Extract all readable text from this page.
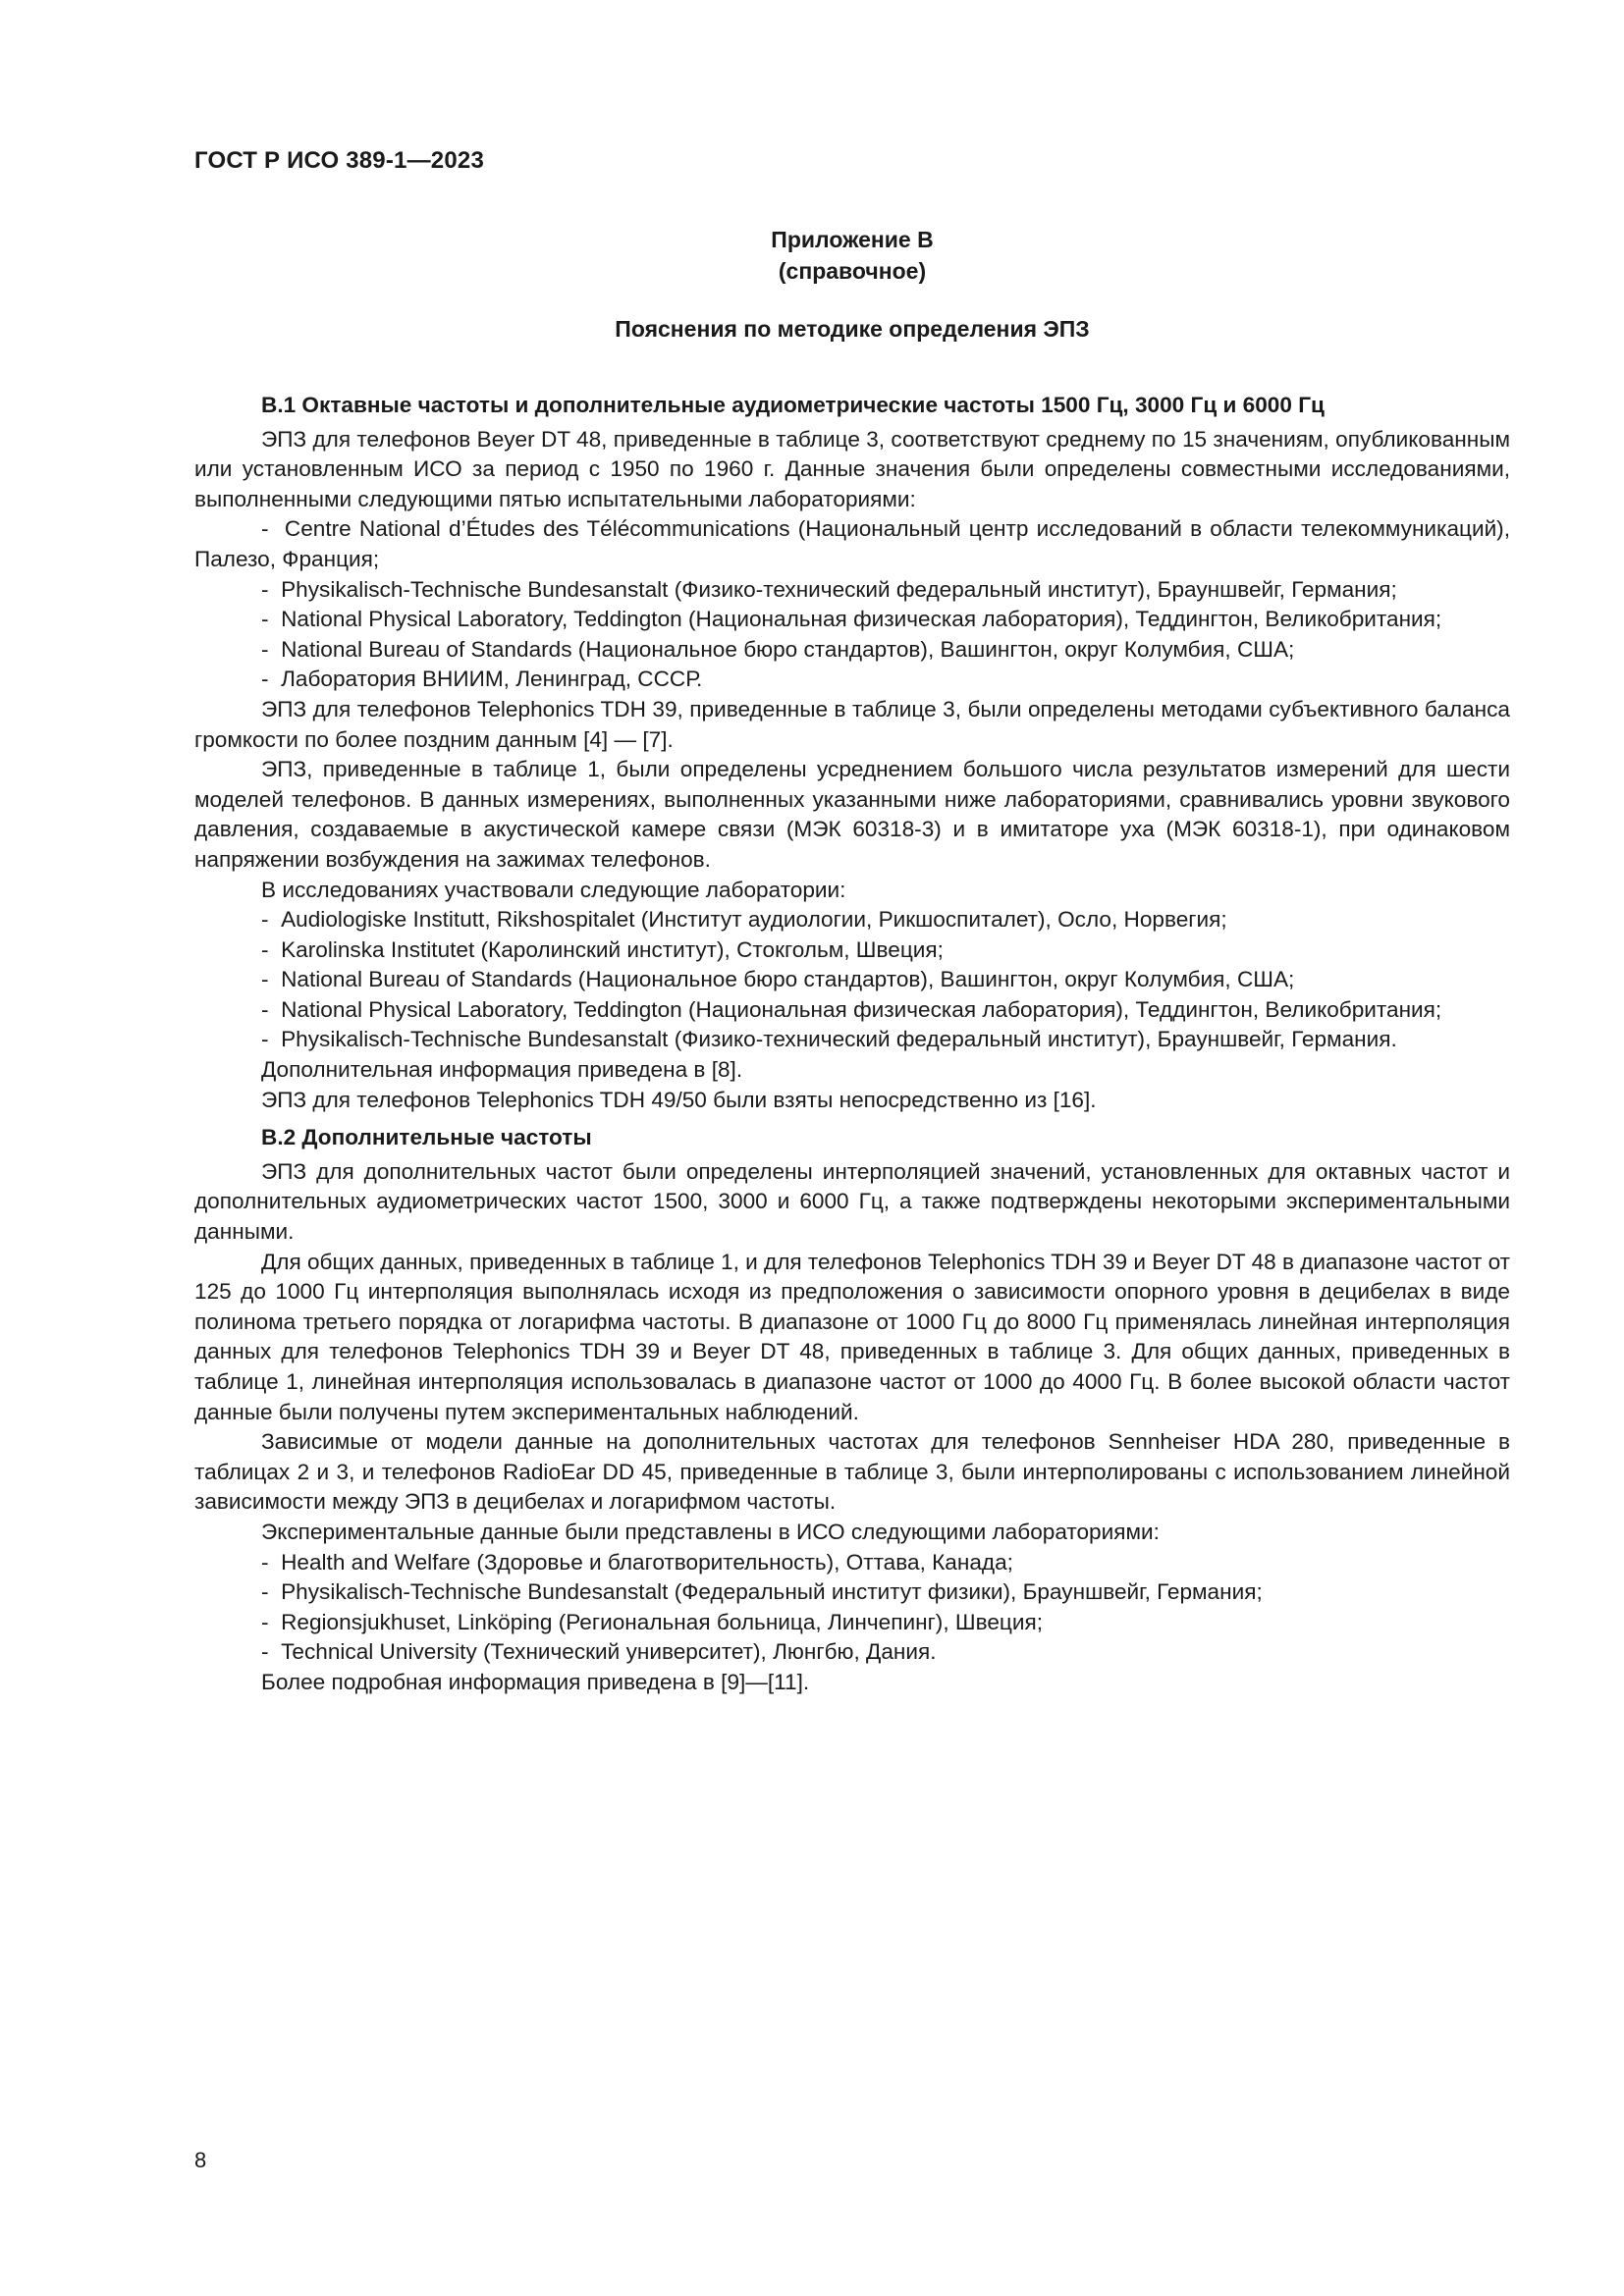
ГОСТ Р ИСО 389-1—2023
Приложение B
(справочное)
Пояснения по методике определения ЭПЗ
B.1 Октавные частоты и дополнительные аудиометрические частоты 1500 Гц, 3000 Гц и 6000 Гц
ЭПЗ для телефонов Beyer DT 48, приведенные в таблице 3, соответствуют среднему по 15 значениям, опубликованным или установленным ИСО за период с 1950 по 1960 г. Данные значения были определены совместными исследованиями, выполненными следующими пятью испытательными лабораториями:
-  Centre National d’Études des Télécommunications (Национальный центр исследований в области телекоммуникаций), Палезо, Франция;
-  Physikalisch-Technische Bundesanstalt (Физико-технический федеральный институт), Брауншвейг, Германия;
-  National Physical Laboratory, Teddington (Национальная физическая лаборатория), Теддингтон, Великобритания;
-  National Bureau of Standards (Национальное бюро стандартов), Вашингтон, округ Колумбия, США;
-  Лаборатория ВНИИМ, Ленинград, СССР.
ЭПЗ для телефонов Telephonics TDH 39, приведенные в таблице 3, были определены методами субъективного баланса громкости по более поздним данным [4] — [7].
ЭПЗ, приведенные в таблице 1, были определены усреднением большого числа результатов измерений для шести моделей телефонов. В данных измерениях, выполненных указанными ниже лабораториями, сравнивались уровни звукового давления, создаваемые в акустической камере связи (МЭК 60318-3) и в имитаторе уха (МЭК 60318-1), при одинаковом напряжении возбуждения на зажимах телефонов.
В исследованиях участвовали следующие лаборатории:
-  Audiologiske Institutt, Rikshospitalet (Институт аудиологии, Рикшоспиталет), Осло, Норвегия;
-  Karolinska Institutet (Каролинский институт), Стокгольм, Швеция;
-  National Bureau of Standards (Национальное бюро стандартов), Вашингтон, округ Колумбия, США;
-  National Physical Laboratory, Teddington (Национальная физическая лаборатория), Теддингтон, Великобритания;
-  Physikalisch-Technische Bundesanstalt (Физико-технический федеральный институт), Брауншвейг, Германия.
Дополнительная информация приведена в [8].
ЭПЗ для телефонов Telephonics TDH 49/50 были взяты непосредственно из [16].
B.2 Дополнительные частоты
ЭПЗ для дополнительных частот были определены интерполяцией значений, установленных для октавных частот и дополнительных аудиометрических частот 1500, 3000 и 6000 Гц, а также подтверждены некоторыми экспериментальными данными.
Для общих данных, приведенных в таблице 1, и для телефонов Telephonics TDH 39 и Beyer DT 48 в диапазоне частот от 125 до 1000 Гц интерполяция выполнялась исходя из предположения о зависимости опорного уровня в децибелах в виде полинома третьего порядка от логарифма частоты. В диапазоне от 1000 Гц до 8000 Гц применялась линейная интерполяция данных для телефонов Telephonics TDH 39 и Beyer DT 48, приведенных в таблице 3. Для общих данных, приведенных в таблице 1, линейная интерполяция использовалась в диапазоне частот от 1000 до 4000 Гц. В более высокой области частот данные были получены путем экспериментальных наблюдений.
Зависимые от модели данные на дополнительных частотах для телефонов Sennheiser HDA 280, приведенные в таблицах 2 и 3, и телефонов RadioEar DD 45, приведенные в таблице 3, были интерполированы с использованием линейной зависимости между ЭПЗ в децибелах и логарифмом частоты.
Экспериментальные данные были представлены в ИСО следующими лабораториями:
-  Health and Welfare (Здоровье и благотворительность), Оттава, Канада;
-  Physikalisch-Technische Bundesanstalt (Федеральный институт физики), Брауншвейг, Германия;
-  Regionsjukhuset, Linköping (Региональная больница, Линчепинг), Швеция;
-  Technical University (Технический университет), Люнгбю, Дания.
Более подробная информация приведена в [9]—[11].
8
